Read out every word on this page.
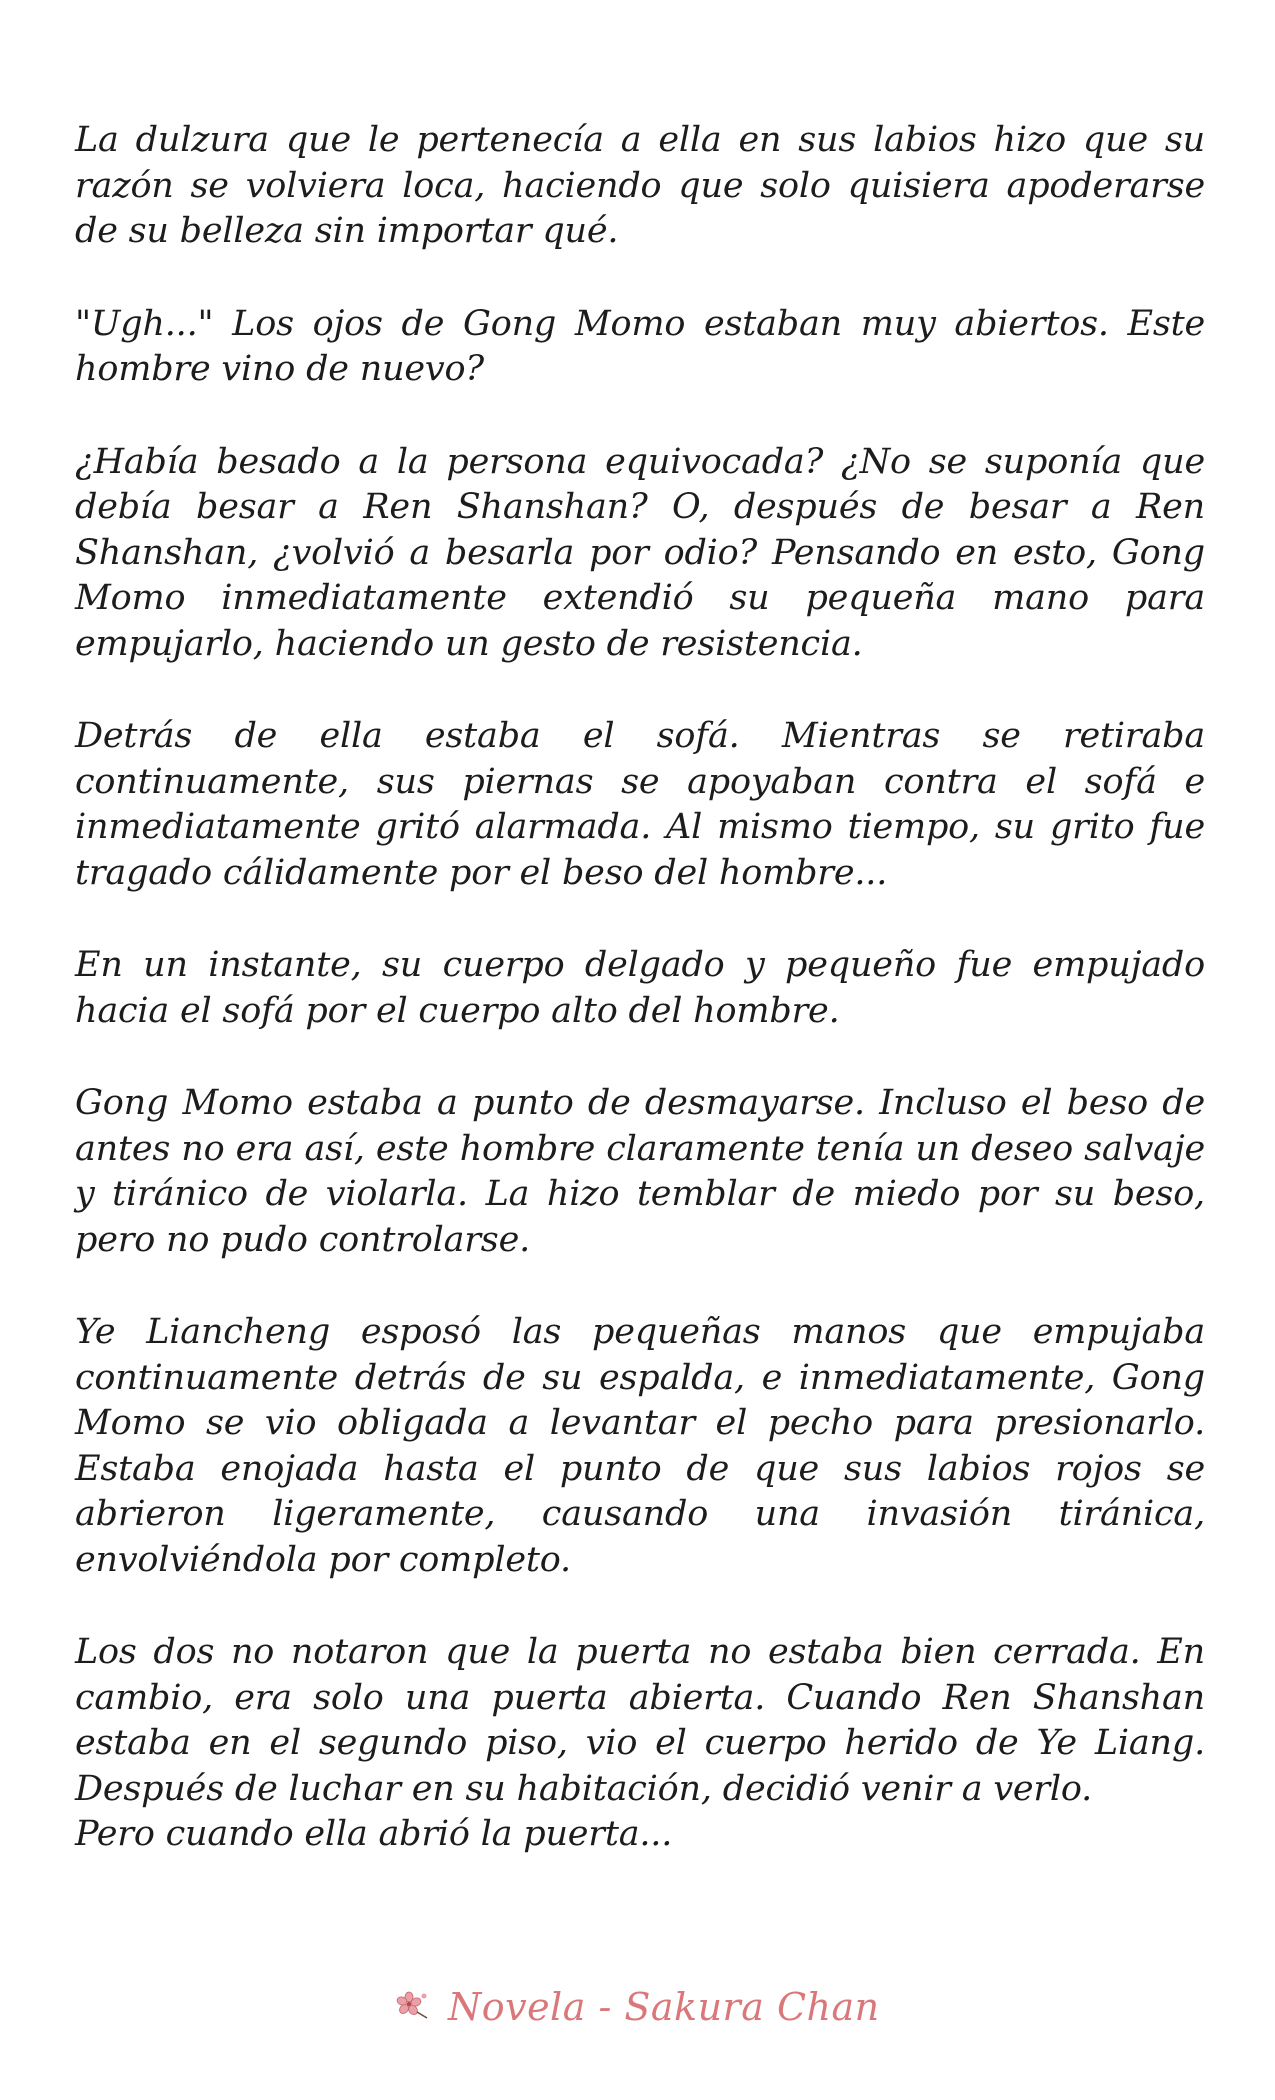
La dulzura que le pertenecía a ella en sus labios hizo que su razón se volviera loca, haciendo que solo quisiera apoderarse de su belleza sin importar qué.

"Ugh..." Los ojos de Gong Momo estaban muy abiertos. Este hombre vino de nuevo?

¿Había besado a la persona equivocada? ¿No se suponía que debía besar a Ren Shanshan? O, después de besar a Ren Shanshan, ¿volvió a besarla por odio? Pensando en esto, Gong Momo inmediatamente extendió su pequeña mano para empujarlo, haciendo un gesto de resistencia.

Detrás de ella estaba el sofá. Mientras se retiraba continuamente, sus piernas se apoyaban contra el sofá e inmediatamente gritó alarmada. Al mismo tiempo, su grito fue tragado cálidamente por el beso del hombre...

En un instante, su cuerpo delgado y pequeño fue empujado hacia el sofá por el cuerpo alto del hombre.

Gong Momo estaba a punto de desmayarse. Incluso el beso de antes no era así, este hombre claramente tenía un deseo salvaje y tiránico de violarla. La hizo temblar de miedo por su beso, pero no pudo controlarse.

Ye Liancheng esposó las pequeñas manos que empujaba continuamente detrás de su espalda, e inmediatamente, Gong Momo se vio obligada a levantar el pecho para presionarlo. Estaba enojada hasta el punto de que sus labios rojos se abrieron ligeramente, causando una invasión tiránica, envolviéndola por completo.

Los dos no notaron que la puerta no estaba bien cerrada. En cambio, era solo una puerta abierta. Cuando Ren Shanshan estaba en el segundo piso, vio el cuerpo herido de Ye Liang. Después de luchar en su habitación, decidió venir a verlo.
Pero cuando ella abrió la puerta...
Novela - Sakura Chan
